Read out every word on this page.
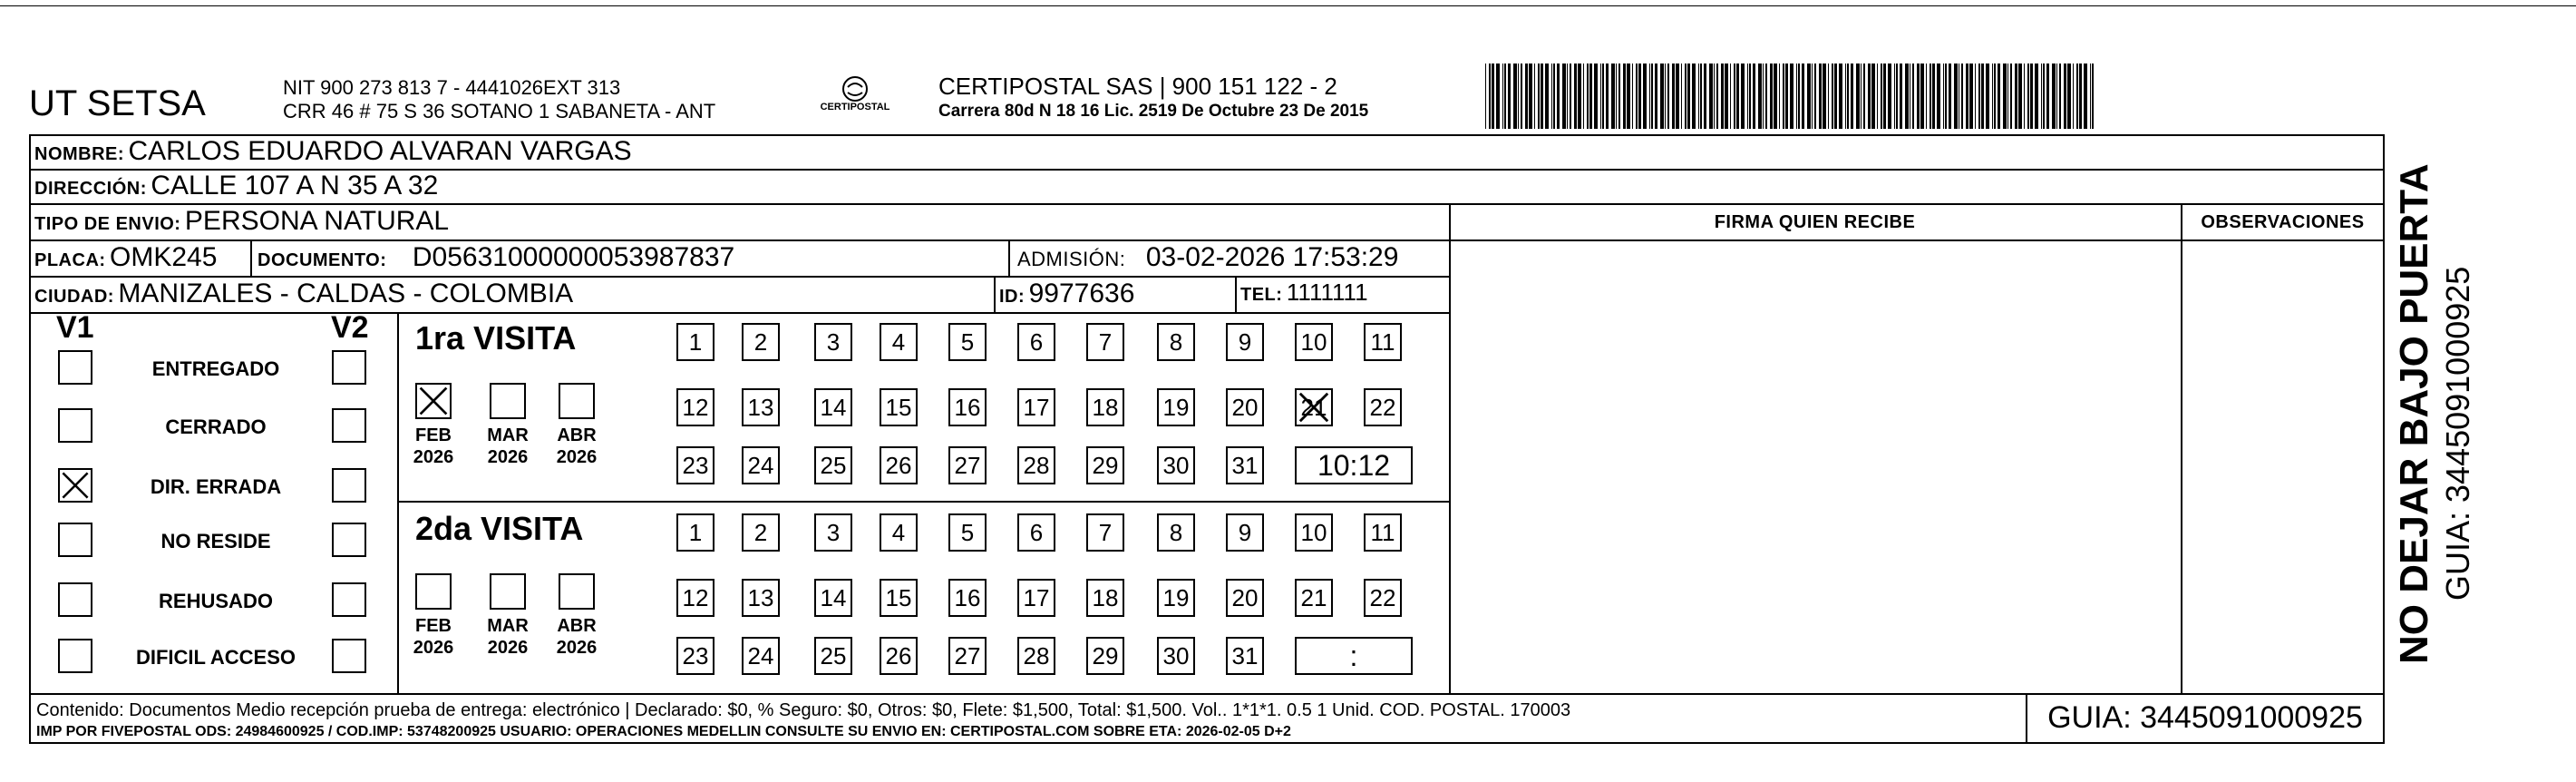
UT SETSA	NIT 900 273 813 7 - 4441026EXT 313
CRR 46 # 75 S 36 SOTANO 1 SABANETA - ANT	CERTIPOSTAL
CERTIPOSTAL SAS | 900 151 122 - 2
Carrera 80d N 18 16 Lic. 2519 De Octubre 23 De 2015
NOMBRE: CARLOS EDUARDO ALVARAN VARGAS
DIRECCIÓN: CALLE 107 A N 35 A 32
TIPO DE ENVIO: PERSONA NATURAL	FIRMA QUIEN RECIBE	OBSERVACIONES
PLACA: OMK245 DOCUMENTO: D05631000000053987837	ADMISIÓN: 03-02-2026 17:53:29
CIUDAD: MANIZALES - CALDAS - COLOMBIA	ID: 9977636	TEL: 1111111
V1	V2
Contenido: Documentos Medio recepción prueba de entrega: electrónico | Declarado: $0, % Seguro: $0, Otros: $0, Flete: $1,500, Total: $1,500. Vol.. 1*1*1. 0.5 1 Unid. COD. POSTAL. 170003
IMP POR FIVEPOSTAL ODS: 24984600925 / COD.IMP: 53748200925 USUARIO: OPERACIONES MEDELLIN CONSULTE SU ENVIO EN: CERTIPOSTAL.COM SOBRE ETA: 2026-02-05 D+2	GUIA: 3445091000925
NO DEJAR BAJO PUERTA GUIA: 3445091000925
ENTREGADO
CERRADO
DIR. ERRADA
NO RESIDE
REHUSADO
DIFICIL ACCESO
1ra VISITA
FEB
2026
MAR
2026
ABR
2026
1	2	3	4	5	6	7	8	9	10 11
12 13 14 15 16 17 18 19 20 21 22
23 24 25 26 27 28 29 30 31	10:12
2da VISITA
FEB
2026
MAR
2026
ABR
2026
1	2	3	4	5	6	7	8	9	10 11
12 13 14 15 16 17 18 19 20 21 22
23 24 25 26 27 28 29 30 31	:
